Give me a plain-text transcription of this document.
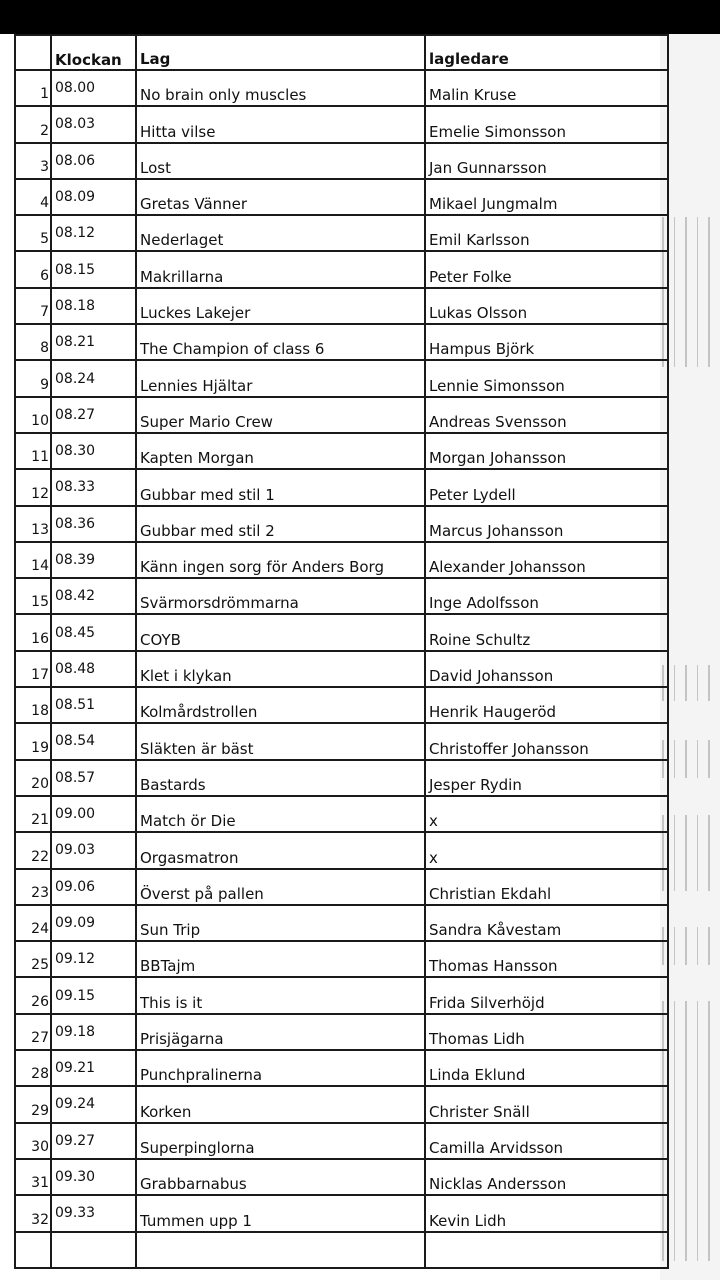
	Klockan	Lag	lagledare
1	08.00	No brain only muscles	Malin Kruse
2	08.03	Hitta vilse	Emelie Simonsson
3	08.06	Lost	Jan Gunnarsson
4	08.09	Gretas Vänner	Mikael Jungmalm
5	08.12	Nederlaget	Emil Karlsson
6	08.15	Makrillarna	Peter Folke
7	08.18	Luckes Lakejer	Lukas Olsson
8	08.21	The Champion of class 6	Hampus Björk
9	08.24	Lennies Hjältar	Lennie Simonsson
10	08.27	Super Mario Crew	Andreas Svensson
11	08.30	Kapten Morgan	Morgan Johansson
12	08.33	Gubbar med stil 1	Peter Lydell
13	08.36	Gubbar med stil 2	Marcus Johansson
14	08.39	Känn ingen sorg för Anders Borg	Alexander Johansson
15	08.42	Svärmorsdrömmarna	Inge Adolfsson
16	08.45	COYB	Roine Schultz
17	08.48	Klet i klykan	David Johansson
18	08.51	Kolmårdstrollen	Henrik Haugeröd
19	08.54	Släkten är bäst	Christoffer Johansson
20	08.57	Bastards	Jesper Rydin
21	09.00	Match ör Die	x
22	09.03	Orgasmatron	x
23	09.06	Överst på pallen	Christian Ekdahl
24	09.09	Sun Trip	Sandra Kåvestam
25	09.12	BBTajm	Thomas Hansson
26	09.15	This is it	Frida Silverhöjd
27	09.18	Prisjägarna	Thomas Lidh
28	09.21	Punchpralinerna	Linda Eklund
29	09.24	Korken	Christer Snäll
30	09.27	Superpinglorna	Camilla Arvidsson
31	09.30	Grabbarnabus	Nicklas Andersson
32	09.33	Tummen upp 1	Kevin Lidh
